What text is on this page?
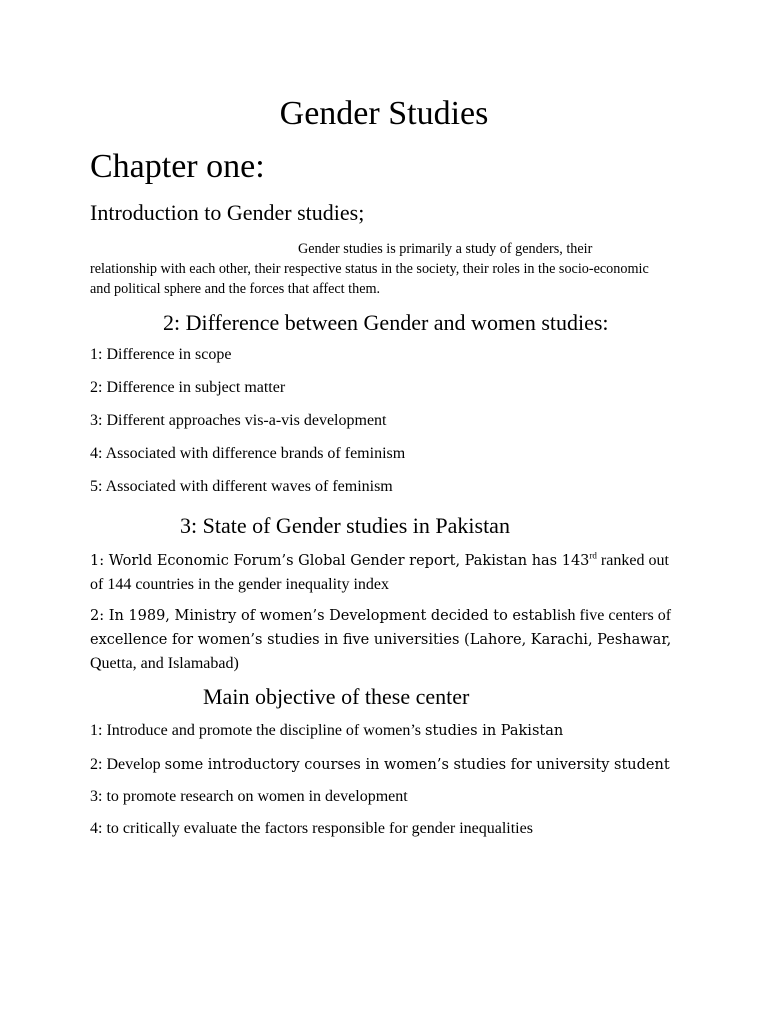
Gender Studies
Chapter one:
Introduction to Gender studies;

Gender studies is primarily a study of genders, their relationship with each other, their respective status in the society, their roles in the socio-economic and political sphere and the forces that affect them.

2: Difference between Gender and women studies:
1: Difference in scope
2: Difference in subject matter
3: Different approaches vis-a-vis development
4: Associated with difference brands of feminism
5: Associated with different waves of feminism
3: State of Gender studies in Pakistan

1: World Economic Forum’s Global Gender report, Pakistan has 143rd ranked out of 144 countries in the gender inequality index

2: In 1989, Ministry of women’s Development decided to establish five centers of excellence for women’s studies in five universities (Lahore, Karachi, Peshawar, Quetta, and Islamabad)

Main objective of these center
1: Introduce and promote the discipline of women’s studies in Pakistan
2: Develop some introductory courses in women’s studies for university student
3: to promote research on women in development
4: to critically evaluate the factors responsible for gender inequalities
